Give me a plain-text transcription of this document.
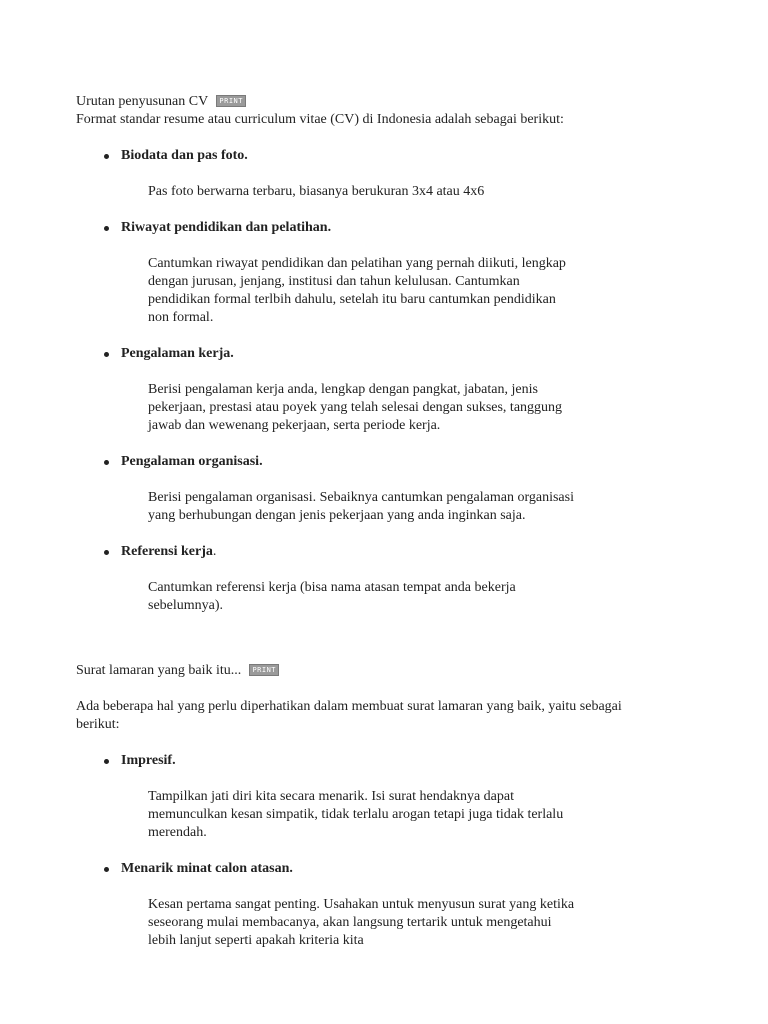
Urutan penyusunan CV PRINT

Format standar resume atau curriculum vitae (CV) di Indonesia adalah sebagai berikut:

Biodata dan pas foto.
Pas foto berwarna terbaru, biasanya berukuran 3x4 atau 4x6
Riwayat pendidikan dan pelatihan.
Cantumkan riwayat pendidikan dan pelatihan yang pernah diikuti, lengkap
dengan jurusan, jenjang, institusi dan tahun kelulusan. Cantumkan
pendidikan formal terlbih dahulu, setelah itu baru cantumkan pendidikan
non formal.
Pengalaman kerja.
Berisi pengalaman kerja anda, lengkap dengan pangkat, jabatan, jenis
pekerjaan, prestasi atau poyek yang telah selesai dengan sukses, tanggung
jawab dan wewenang pekerjaan, serta periode kerja.
Pengalaman organisasi.
Berisi pengalaman organisasi. Sebaiknya cantumkan pengalaman organisasi
yang berhubungan dengan jenis pekerjaan yang anda inginkan saja.
Referensi kerja.
Cantumkan referensi kerja (bisa nama atasan tempat anda bekerja
sebelumnya).
Surat lamaran yang baik itu... PRINT
Ada beberapa hal yang perlu diperhatikan dalam membuat surat lamaran yang baik, yaitu sebagai
berikut:
Impresif.
Tampilkan jati diri kita secara menarik. Isi surat hendaknya dapat
memunculkan kesan simpatik, tidak terlalu arogan tetapi juga tidak terlalu
merendah.
Menarik minat calon atasan.
Kesan pertama sangat penting. Usahakan untuk menyusun surat yang ketika
seseorang mulai membacanya, akan langsung tertarik untuk mengetahui
lebih lanjut seperti apakah kriteria kita
